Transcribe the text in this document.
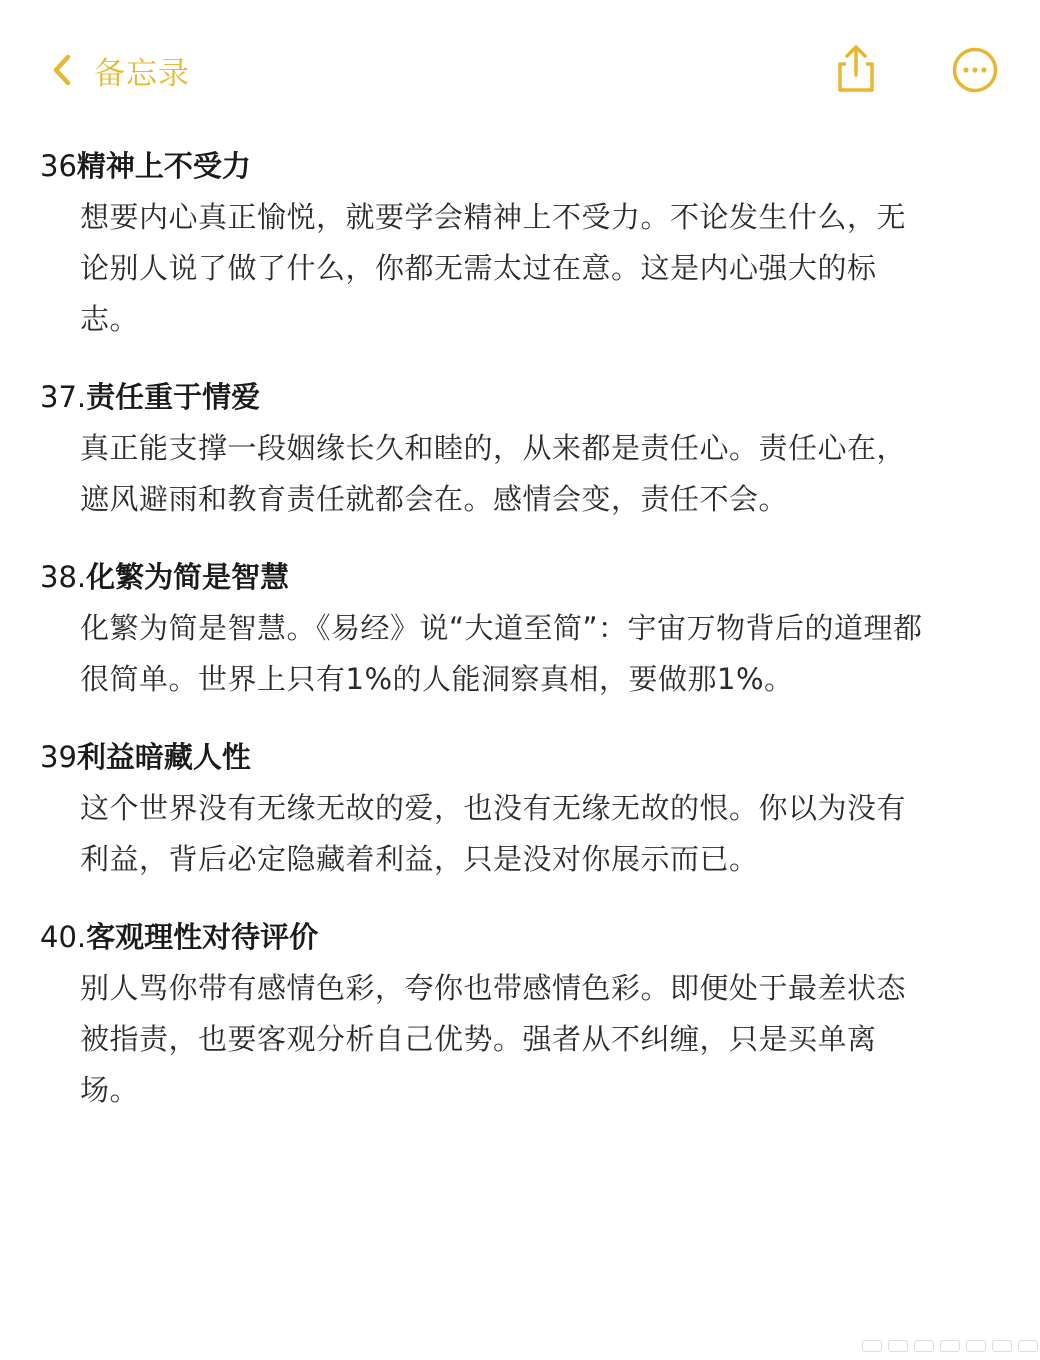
备忘录
36精神上不受力
想要内心真正愉悦，就要学会精神上不受力。不论发生什么，无
论别人说了做了什么，你都无需太过在意。这是内心强大的标
志。
37.责任重于情爱
真正能支撑一段姻缘长久和睦的，从来都是责任心。责任心在，
遮风避雨和教育责任就都会在。感情会变，责任不会。
38.化繁为简是智慧
化繁为简是智慧。《易经》说“大道至简”：宇宙万物背后的道理都
很简单。世界上只有1%的人能洞察真相，要做那1%。
39利益暗藏人性
这个世界没有无缘无故的爱，也没有无缘无故的恨。你以为没有
利益，背后必定隐藏着利益，只是没对你展示而已。
40.客观理性对待评价
别人骂你带有感情色彩，夸你也带感情色彩。即便处于最差状态
被指责，也要客观分析自己优势。强者从不纠缠，只是买单离
场。
